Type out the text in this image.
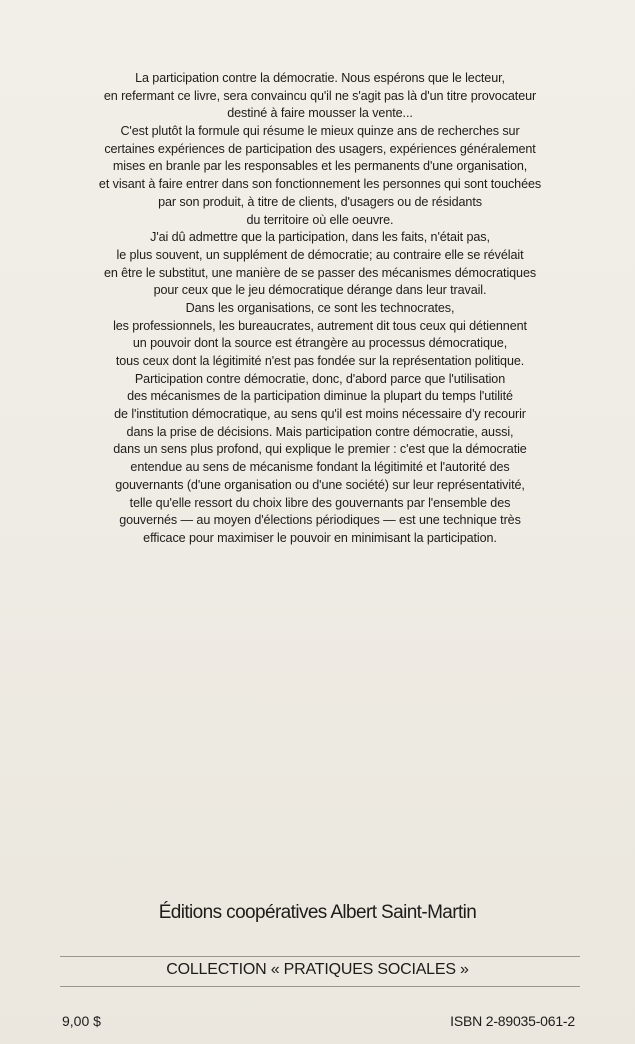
La participation contre la démocratie. Nous espérons que le lecteur,
en refermant ce livre, sera convaincu qu'il ne s'agit pas là d'un titre provocateur
destiné à faire mousser la vente...
C'est plutôt la formule qui résume le mieux quinze ans de recherches sur
certaines expériences de participation des usagers, expériences généralement
mises en branle par les responsables et les permanents d'une organisation,
et visant à faire entrer dans son fonctionnement les personnes qui sont touchées
par son produit, à titre de clients, d'usagers ou de résidants
du territoire où elle oeuvre.
J'ai dû admettre que la participation, dans les faits, n'était pas,
le plus souvent, un supplément de démocratie; au contraire elle se révélait
en être le substitut, une manière de se passer des mécanismes démocratiques
pour ceux que le jeu démocratique dérange dans leur travail.
Dans les organisations, ce sont les technocrates,
les professionnels, les bureaucrates, autrement dit tous ceux qui détiennent
un pouvoir dont la source est étrangère au processus démocratique,
tous ceux dont la légitimité n'est pas fondée sur la représentation politique.
Participation contre démocratie, donc, d'abord parce que l'utilisation
des mécanismes de la participation diminue la plupart du temps l'utilité
de l'institution démocratique, au sens qu'il est moins nécessaire d'y recourir
dans la prise de décisions. Mais participation contre démocratie, aussi,
dans un sens plus profond, qui explique le premier : c'est que la démocratie
entendue au sens de mécanisme fondant la légitimité et l'autorité des
gouvernants (d'une organisation ou d'une société) sur leur représentativité,
telle qu'elle ressort du choix libre des gouvernants par l'ensemble des
gouvernés — au moyen d'élections périodiques — est une technique très
efficace pour maximiser le pouvoir en minimisant la participation.
Éditions coopératives Albert Saint-Martin
COLLECTION « PRATIQUES SOCIALES »
9,00 $	ISBN 2-89035-061-2
